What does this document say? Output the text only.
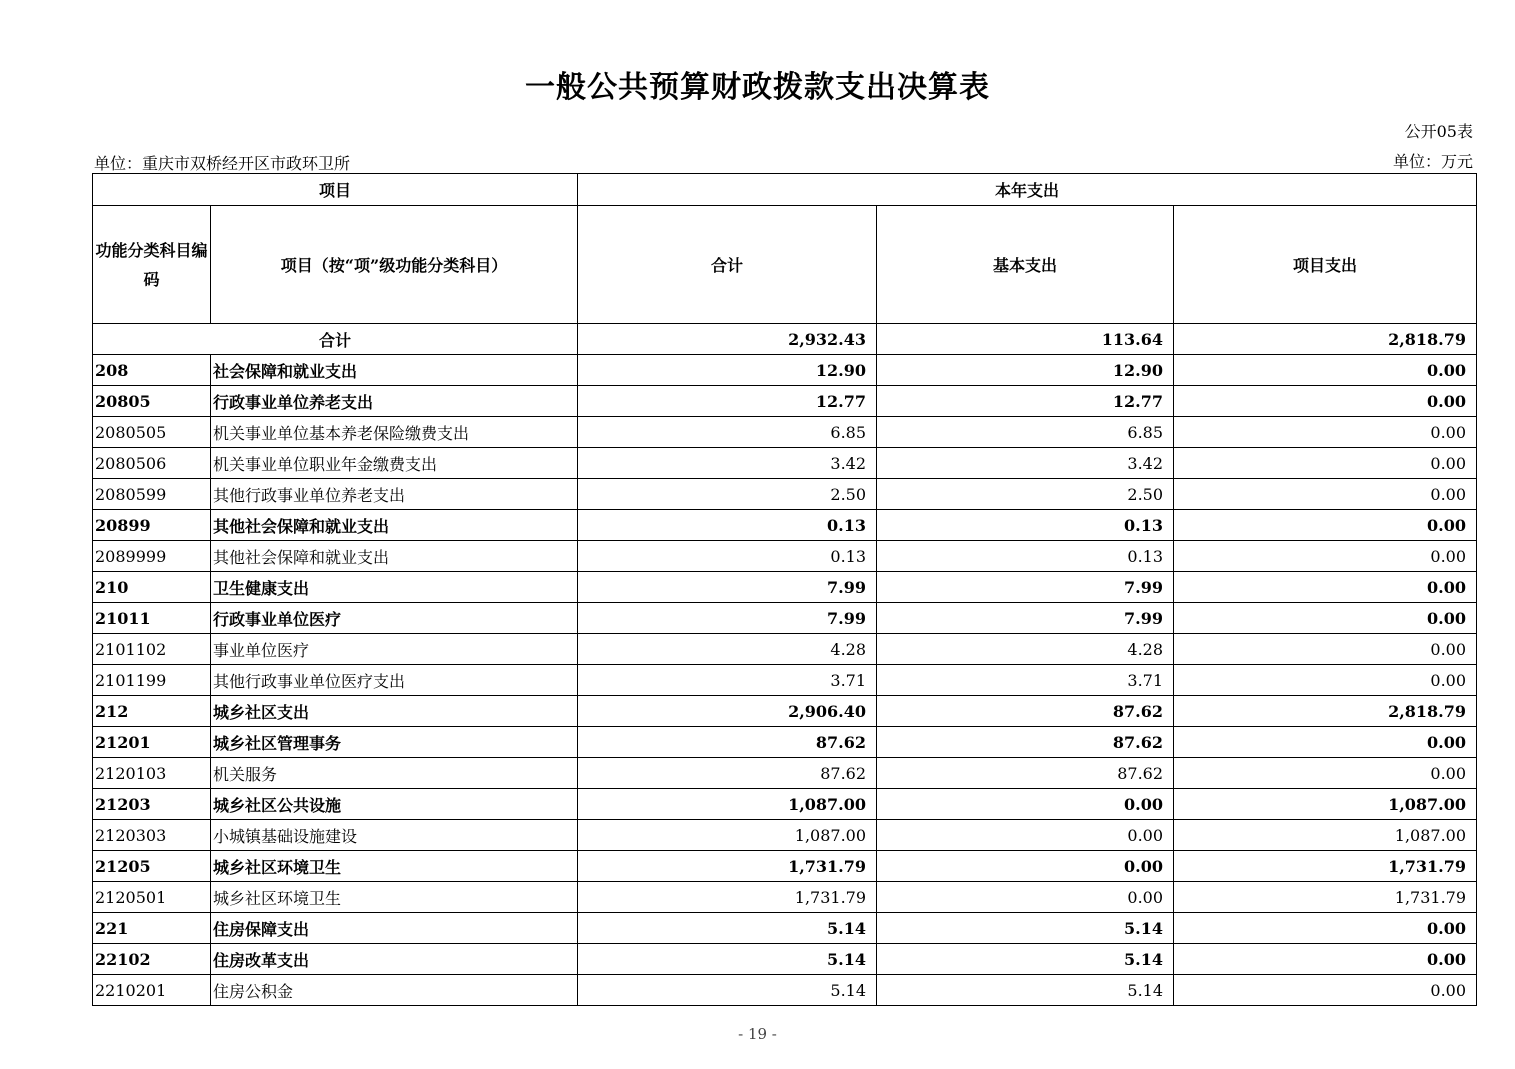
一般公共预算财政拨款支出决算表
公开05表
单位：重庆市双桥经开区市政环卫所	单位：万元
项目		本年支出		
功能分类科目编码	项目（按“项”级功能分类科目）	合计	基本支出	项目支出
合计		2,932.43	113.64	2,818.79
208	社会保障和就业支出	12.90	12.90	0.00
20805	行政事业单位养老支出	12.77	12.77	0.00
2080505	机关事业单位基本养老保险缴费支出	6.85	6.85	0.00
2080506	机关事业单位职业年金缴费支出	3.42	3.42	0.00
2080599	其他行政事业单位养老支出	2.50	2.50	0.00
20899	其他社会保障和就业支出	0.13	0.13	0.00
2089999	其他社会保障和就业支出	0.13	0.13	0.00
210	卫生健康支出	7.99	7.99	0.00
21011	行政事业单位医疗	7.99	7.99	0.00
2101102	事业单位医疗	4.28	4.28	0.00
2101199	其他行政事业单位医疗支出	3.71	3.71	0.00
212	城乡社区支出	2,906.40	87.62	2,818.79
21201	城乡社区管理事务	87.62	87.62	0.00
2120103	机关服务	87.62	87.62	0.00
21203	城乡社区公共设施	1,087.00	0.00	1,087.00
2120303	小城镇基础设施建设	1,087.00	0.00	1,087.00
21205	城乡社区环境卫生	1,731.79	0.00	1,731.79
2120501	城乡社区环境卫生	1,731.79	0.00	1,731.79
221	住房保障支出	5.14	5.14	0.00
22102	住房改革支出	5.14	5.14	0.00
2210201	住房公积金	5.14	5.14	0.00
- 19 -
